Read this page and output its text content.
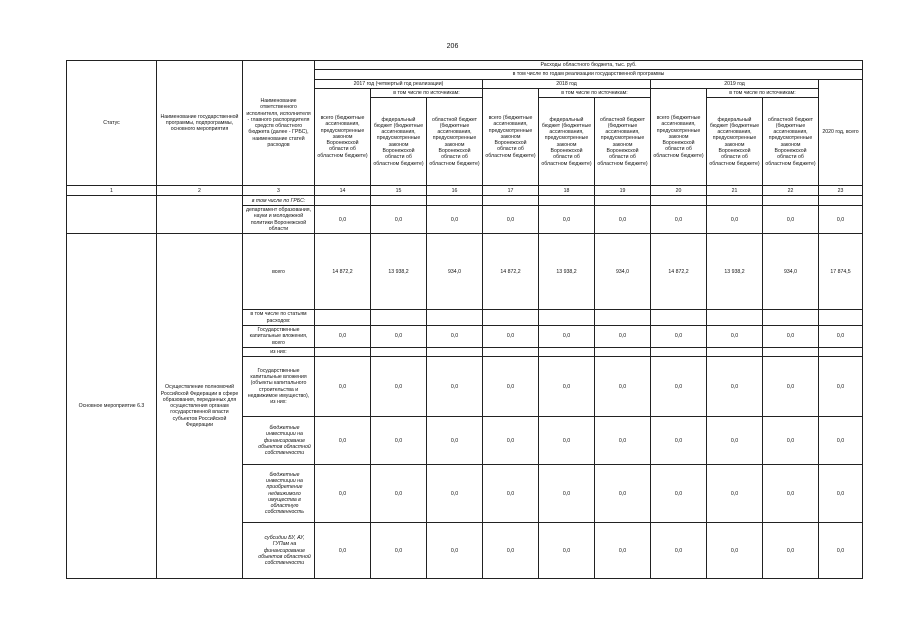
206
Статус	Наименование государственной программы, подпрограммы, основного мероприятия	Наименование ответственного исполнителя, исполнителя - главного распорядителя средств областного бюджета (далее - ГРБС), наименование статей расходов	Расходы областного бюджета, тыс. руб.									
			в том числе по годам реализации государственной программы									
			2017 год (четвертый год реализации)			2018 год			2019 год			2020 год, всего
			всего (бюджетные ассигнования, предусмотренные законом Воронежской области об областном бюджете)	в том числе по источникам:		всего (бюджетные ассигнования, предусмотренные законом Воронежской области об областном бюджете)	в том числе по источникам:		всего (бюджетные ассигнования, предусмотренные законом Воронежской области об областном бюджете)	в том числе по источникам:		
				федеральный бюджет (бюджетные ассигнования, предусмотренные законом Воронежской области об областном бюджете)	областной бюджет (бюджетные ассигнования, предусмотренные законом Воронежской области об областном бюджете)		федеральный бюджет (бюджетные ассигнования, предусмотренные законом Воронежской области об областном бюджете)	областной бюджет (бюджетные ассигнования, предусмотренные законом Воронежской области об областном бюджете)		федеральный бюджет (бюджетные ассигнования, предусмотренные законом Воронежской области об областном бюджете)	областной бюджет (бюджетные ассигнования, предусмотренные законом Воронежской области об областном бюджете)	
1	2	3	14	15	16	17	18	19	20	21	22	23
		в том числе по ГРБС:										
		департамент образования, науки и молодежной политики Воронежской области	0,0	0,0	0,0	0,0	0,0	0,0	0,0	0,0	0,0	0,0
Основное мероприятие 6.3	Осуществление полномочий Российской Федерации в сфере образования, переданных для осуществления органам государственной власти субъектов Российской Федерации	всего	14 872,2	13 938,2	934,0	14 872,2	13 938,2	934,0	14 872,2	13 938,2	934,0	17 874,5
		в том числе по статьям расходов:										
		Государственные капитальные вложения, всего	0,0	0,0	0,0	0,0	0,0	0,0	0,0	0,0	0,0	0,0
		из них:										
		Государственные капитальные вложения (объекты капитального строительства и недвижимое имущество), из них:	0,0	0,0	0,0	0,0	0,0	0,0	0,0	0,0	0,0	0,0
		бюджетные инвестиции на финансирование объектов областной собственности	0,0	0,0	0,0	0,0	0,0	0,0	0,0	0,0	0,0	0,0
		бюджетные инвестиции на приобретение недвижимого имущества в областную собственность	0,0	0,0	0,0	0,0	0,0	0,0	0,0	0,0	0,0	0,0
		субсидии БУ, АУ, ГУПам на финансирование объектов областной собственности	0,0	0,0	0,0	0,0	0,0	0,0	0,0	0,0	0,0	0,0
